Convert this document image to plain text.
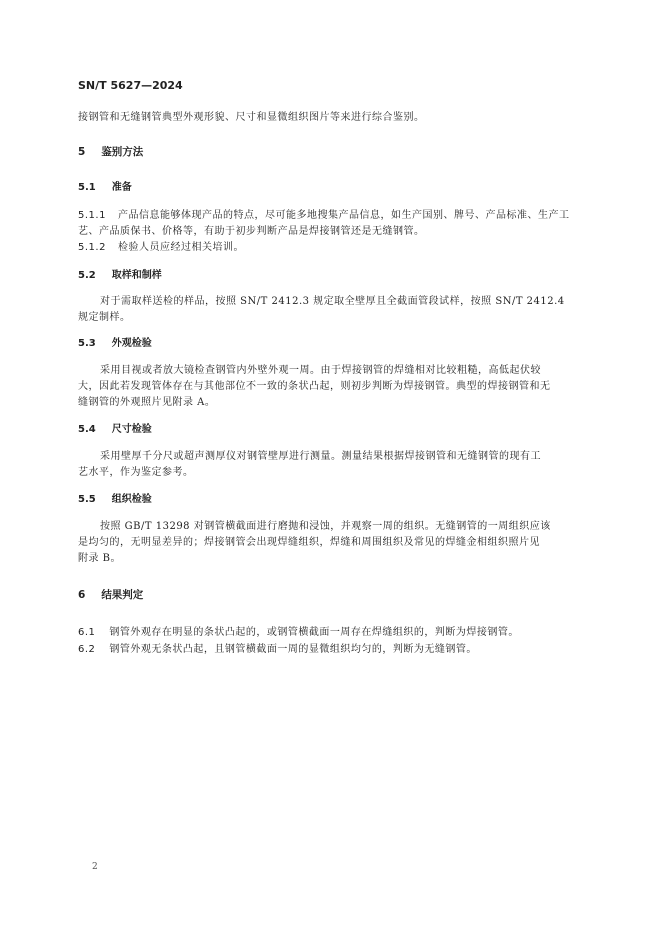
SN/T 5627—2024
接钢管和无缝钢管典型外观形貌、尺寸和显微组织图片等来进行综合鉴别。
5 鉴别方法
5.1 准备
5.1.1 产品信息能够体现产品的特点，尽可能多地搜集产品信息，如生产国别、牌号、产品标准、生产工
艺、产品质保书、价格等，有助于初步判断产品是焊接钢管还是无缝钢管。
5.1.2 检验人员应经过相关培训。
5.2 取样和制样
对于需取样送检的样品，按照 SN/T 2412.3 规定取全壁厚且全截面管段试样，按照 SN/T 2412.4
规定制样。
5.3 外观检验
采用目视或者放大镜检查钢管内外壁外观一周。由于焊接钢管的焊缝相对比较粗糙，高低起伏较
大，因此若发现管体存在与其他部位不一致的条状凸起，则初步判断为焊接钢管。典型的焊接钢管和无
缝钢管的外观照片见附录 A。
5.4 尺寸检验
采用壁厚千分尺或超声测厚仪对钢管壁厚进行测量。测量结果根据焊接钢管和无缝钢管的现有工
艺水平，作为鉴定参考。
5.5 组织检验
按照 GB/T 13298 对钢管横截面进行磨抛和浸蚀，并观察一周的组织。无缝钢管的一周组织应该
是均匀的，无明显差异的；焊接钢管会出现焊缝组织，焊缝和周围组织及常见的焊缝金相组织照片见
附录 B。
6 结果判定
6.1 钢管外观存在明显的条状凸起的，或钢管横截面一周存在焊缝组织的，判断为焊接钢管。
6.2 钢管外观无条状凸起，且钢管横截面一周的显微组织均匀的，判断为无缝钢管。
2
